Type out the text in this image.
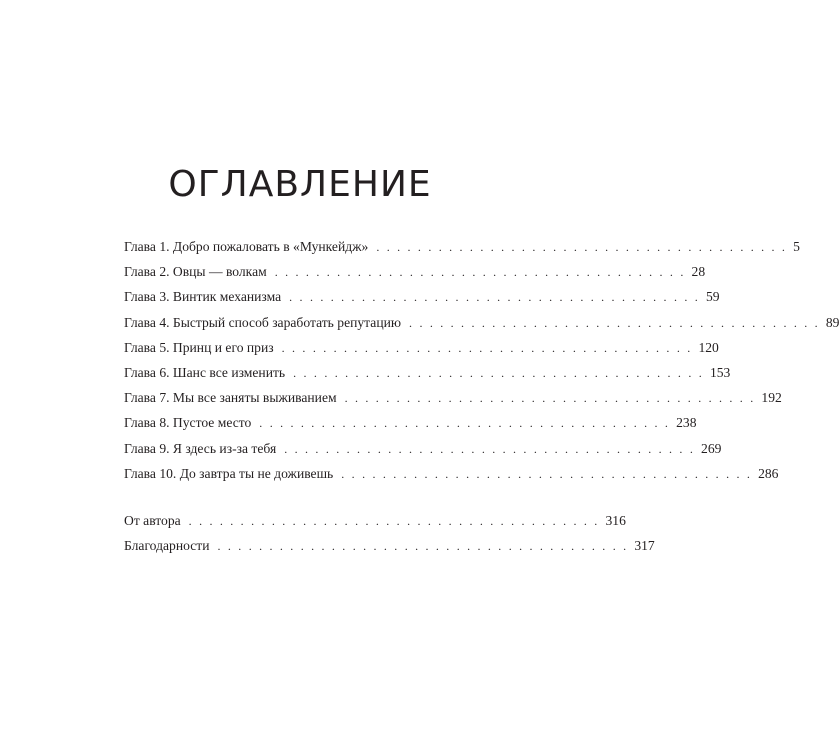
ОГЛАВЛЕНИЕ
Глава 1. Добро пожаловать в «Мункейдж» . . . . . . . . . . . . . . . . . . . . . . . . . . . . . . . . . . . . . . . . 5
Глава 2. Овцы — волкам . . . . . . . . . . . . . . . . . . . . . . . . . . . . . . . . . . . . . . . . 28
Глава 3. Винтик механизма . . . . . . . . . . . . . . . . . . . . . . . . . . . . . . . . . . . . . . . . 59
Глава 4. Быстрый способ заработать репутацию . . . . . . . . . . . . . . . . . . . . . . . . . . . . . . . . . . . . . . . . 89
Глава 5. Принц и его приз . . . . . . . . . . . . . . . . . . . . . . . . . . . . . . . . . . . . . . . . 120
Глава 6. Шанс все изменить . . . . . . . . . . . . . . . . . . . . . . . . . . . . . . . . . . . . . . . . 153
Глава 7. Мы все заняты выживанием . . . . . . . . . . . . . . . . . . . . . . . . . . . . . . . . . . . . . . . . 192
Глава 8. Пустое место . . . . . . . . . . . . . . . . . . . . . . . . . . . . . . . . . . . . . . . . 238
Глава 9. Я здесь из-за тебя . . . . . . . . . . . . . . . . . . . . . . . . . . . . . . . . . . . . . . . . 269
Глава 10. До завтра ты не доживешь . . . . . . . . . . . . . . . . . . . . . . . . . . . . . . . . . . . . . . . . 286
От автора . . . . . . . . . . . . . . . . . . . . . . . . . . . . . . . . . . . . . . . . 316
Благодарности . . . . . . . . . . . . . . . . . . . . . . . . . . . . . . . . . . . . . . . . 317
